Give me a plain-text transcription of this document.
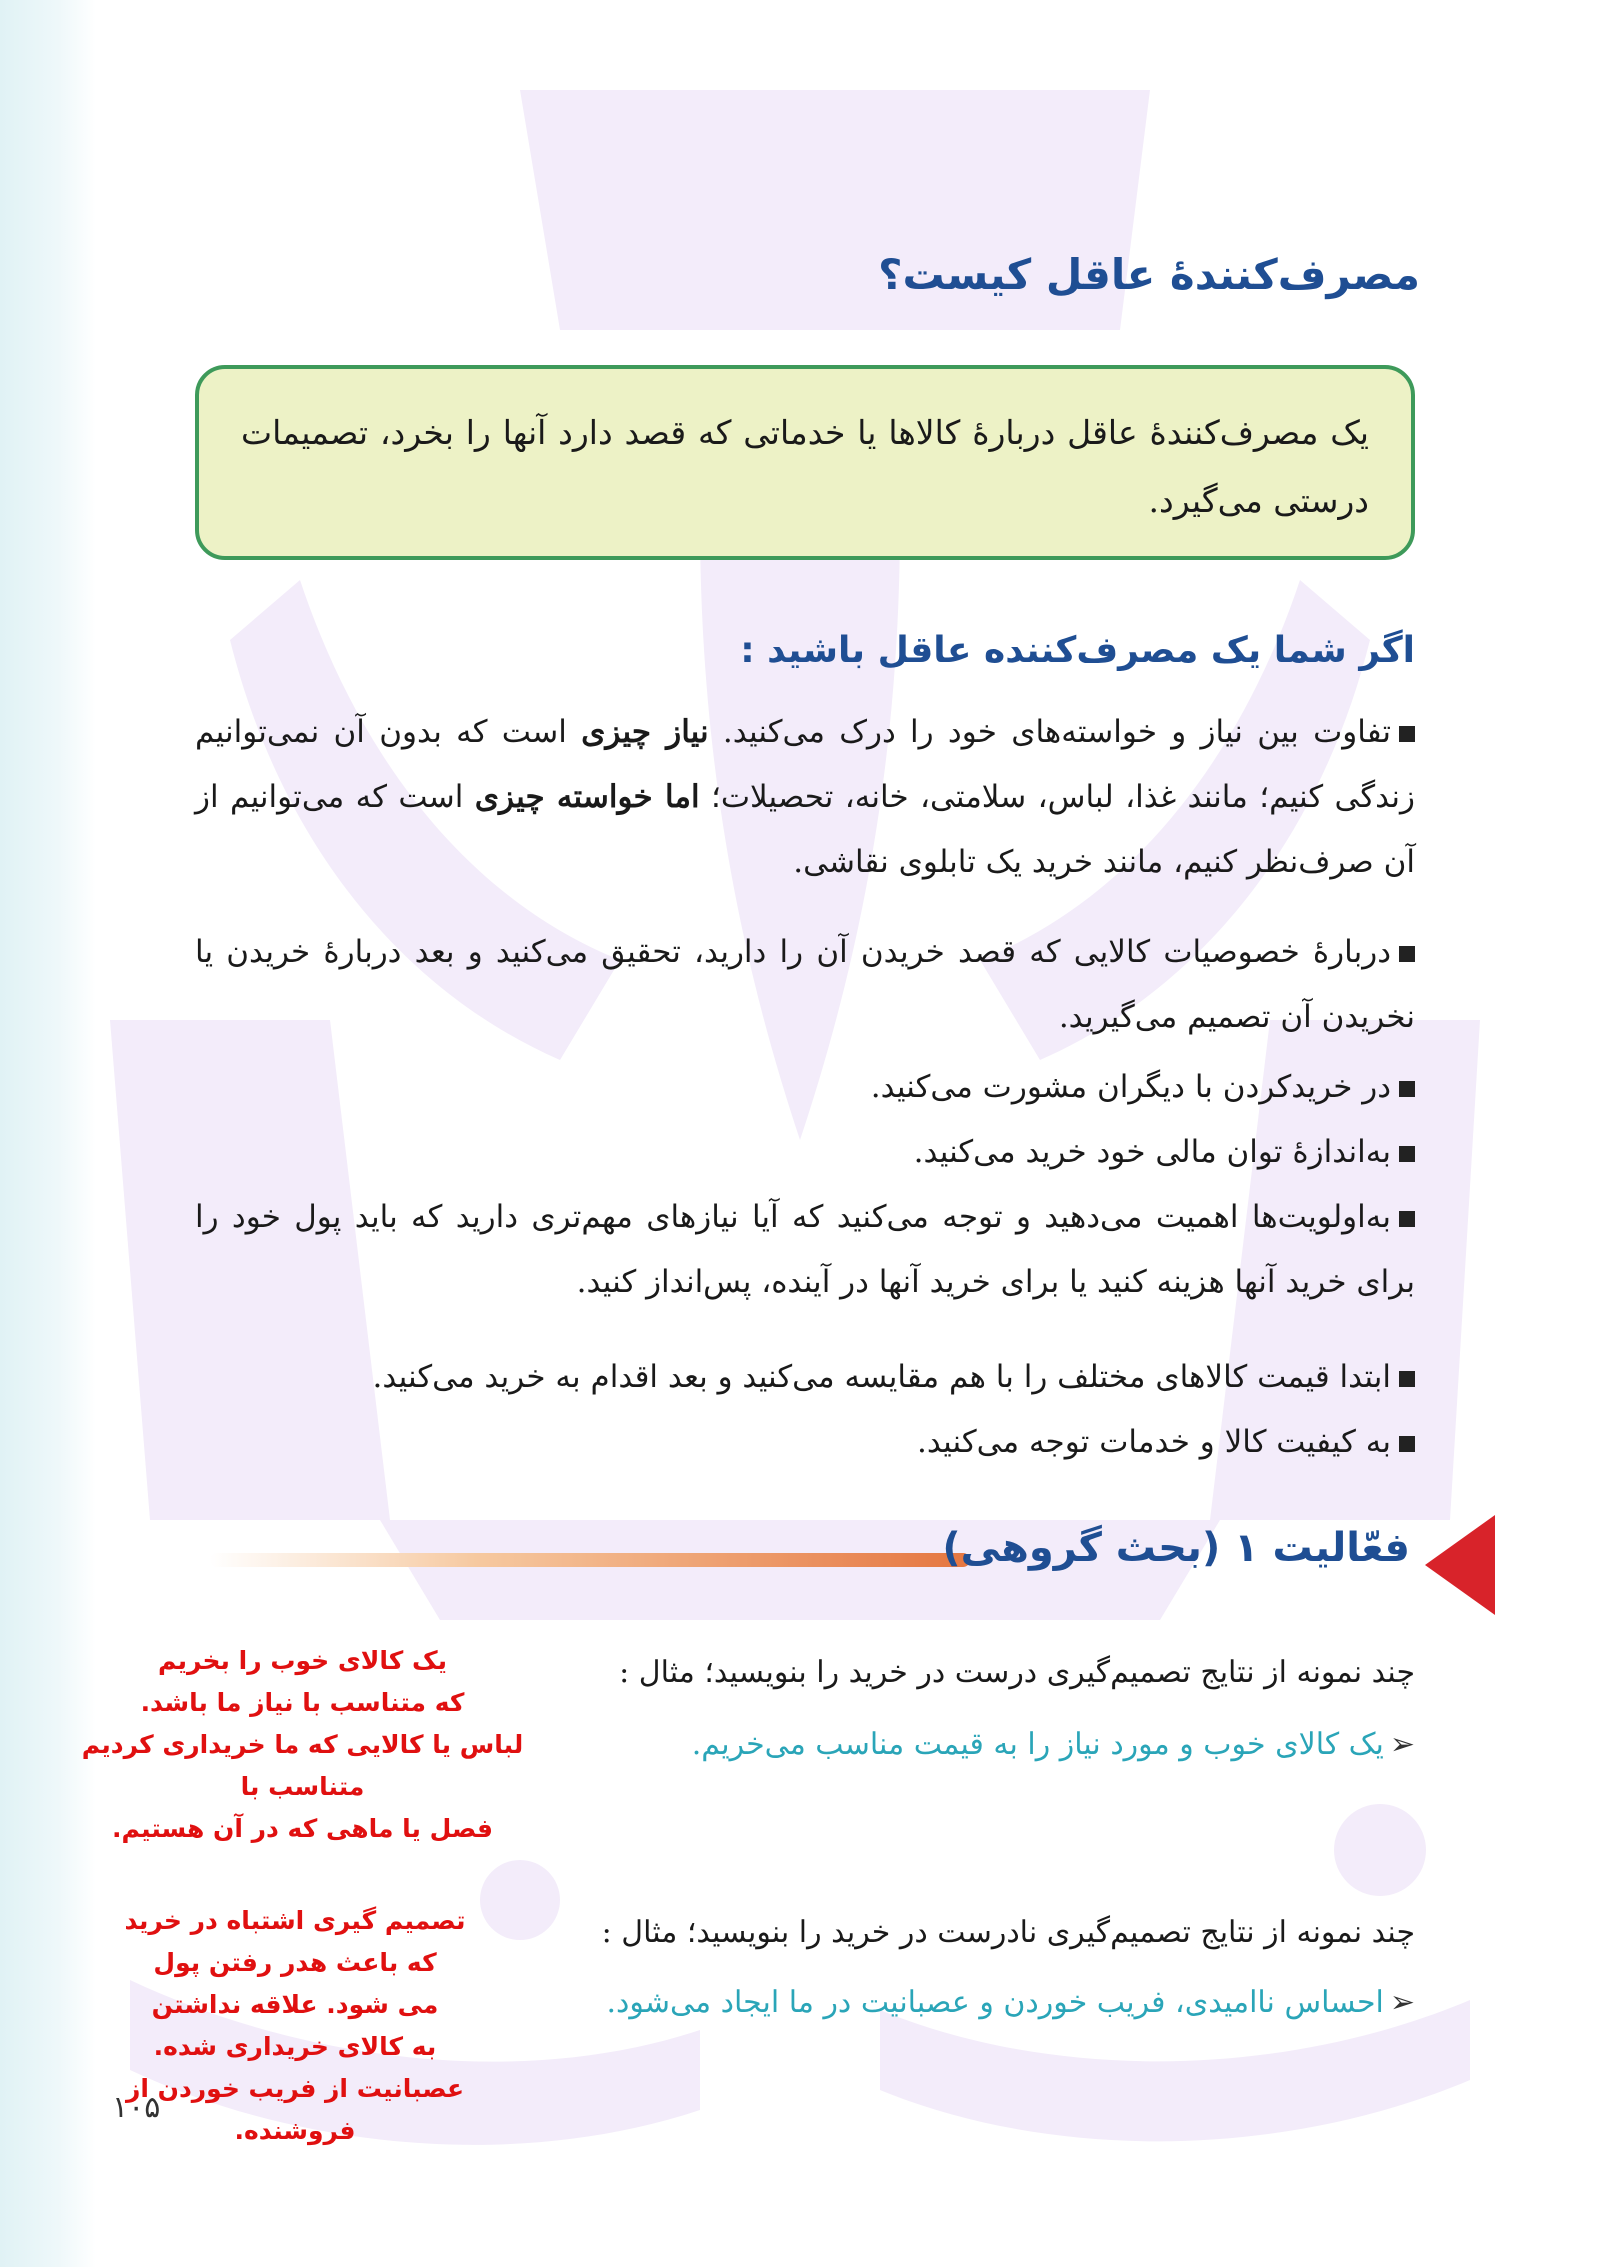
مصرف‌کنندهٔ عاقل کیست؟
یک مصرف‌کنندهٔ عاقل دربارهٔ کالاها یا خدماتی که قصد دارد آنها را بخرد، تصمیمات درستی می‌گیرد.
اگر شما یک مصرف‌کننده عاقل باشید :
تفاوت بین نیاز و خواسته‌های خود را درک می‌کنید. نیاز چیزی است که بدون آن نمی‌توانیم زندگی کنیم؛ مانند غذا، لباس، سلامتی، خانه، تحصیلات؛ اما خواسته چیزی است که می‌توانیم از آن صرف‌نظر کنیم، مانند خرید یک تابلوی نقاشی.
دربارهٔ خصوصیات کالایی که قصد خریدن آن را دارید، تحقیق می‌کنید و بعد دربارهٔ خریدن یا نخریدن آن تصمیم می‌گیرید.
در خریدکردن با دیگران مشورت می‌کنید.
به‌اندازهٔ توان مالی خود خرید می‌کنید.
به‌اولویت‌ها اهمیت می‌دهید و توجه می‌کنید که آیا نیازهای مهم‌تری دارید که باید پول خود را برای خرید آنها هزینه کنید یا برای خرید آنها در آینده، پس‌انداز کنید.
ابتدا قیمت کالاهای مختلف را با هم مقایسه می‌کنید و بعد اقدام به خرید می‌کنید.
به کیفیت کالا و خدمات توجه می‌کنید.
فعّالیت ۱ (بحث گروهی)
چند نمونه از نتایج تصمیم‌گیری درست در خرید را بنویسید؛ مثال :
➢یک کالای خوب و مورد نیاز را به قیمت مناسب می‌خریم.
چند نمونه از نتایج تصمیم‌گیری نادرست در خرید را بنویسید؛ مثال :
➢احساس ناامیدی، فریب خوردن و عصبانیت در ما ایجاد می‌شود.
یک کالای خوب را بخریم
که متناسب با نیاز ما باشد.
لباس یا کالایی که ما خریداری کردیم متناسب با
فصل یا ماهی که در آن هستیم.
تصمیم گیری اشتباه در خرید
که باعث هدر رفتن پول
می شود. علاقه نداشتن
به کالای خریداری شده.
عصبانیت از فریب خوردن از فروشنده.
۱۰۵
